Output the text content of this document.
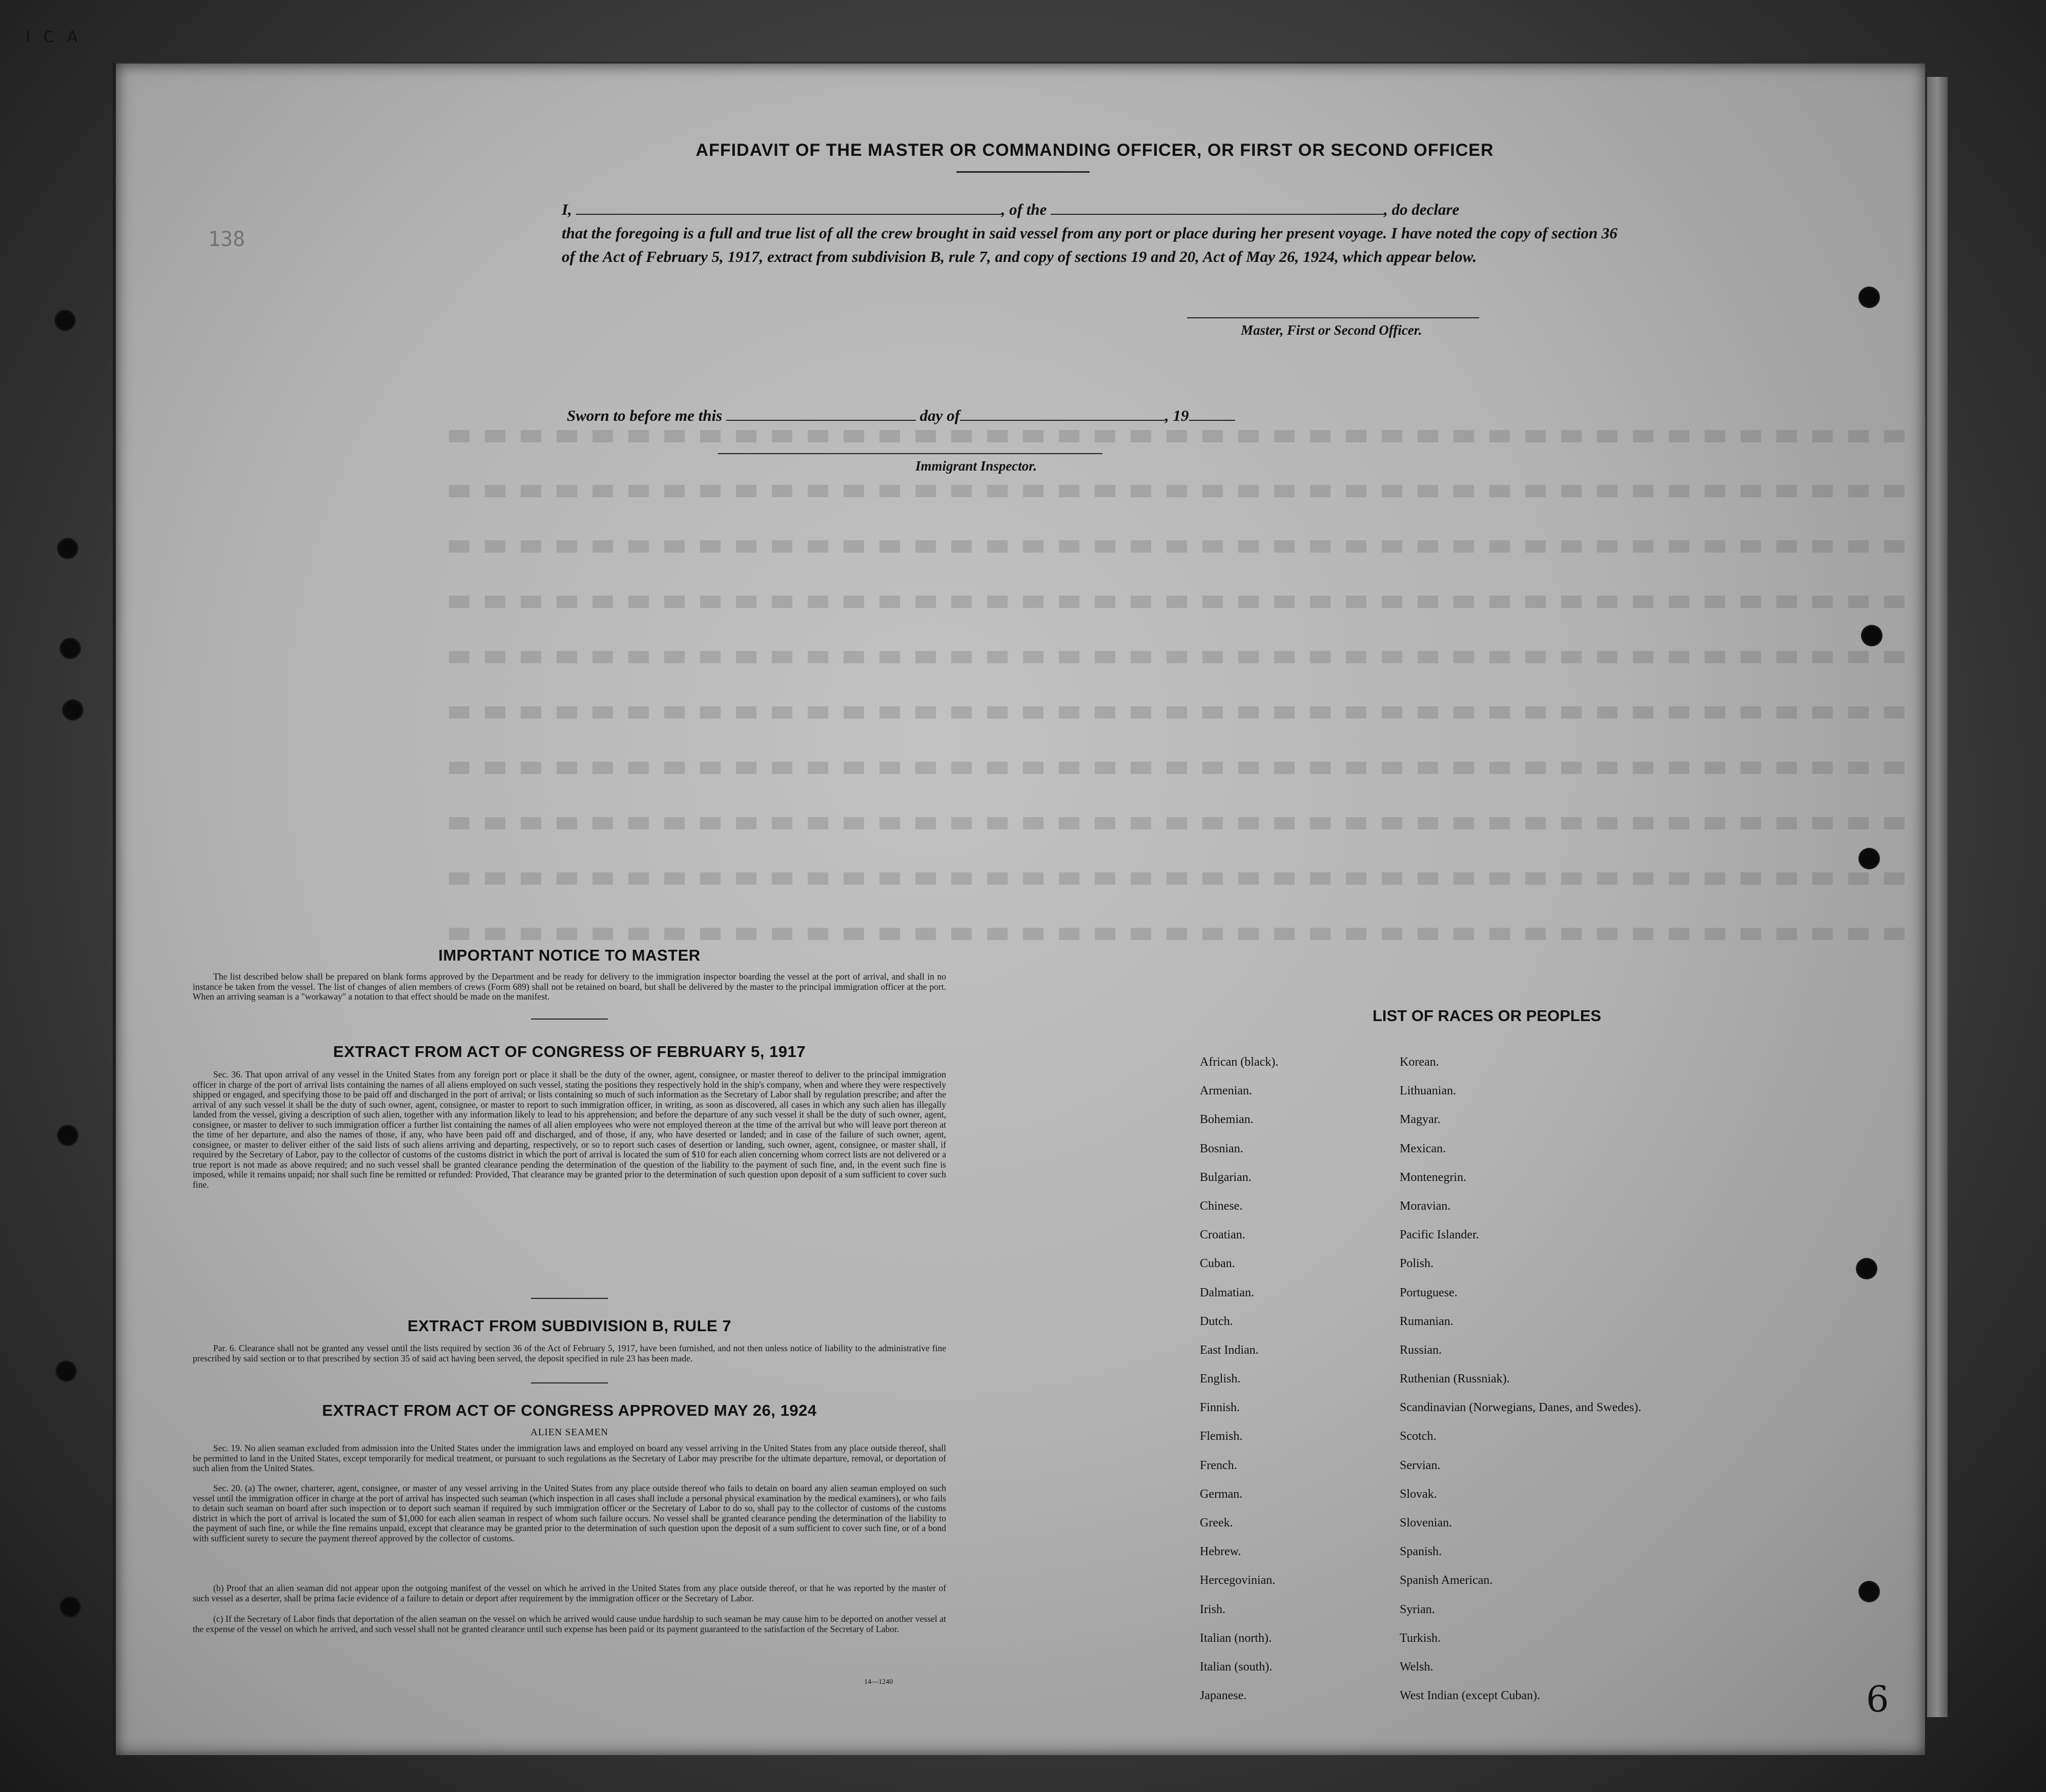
I C A
138
AFFIDAVIT OF THE MASTER OR COMMANDING OFFICER, OR FIRST OR SECOND OFFICER
I,	, of the	, do declare
that the foregoing is a full and true list of all the crew brought in said vessel from any port or place during her present voyage. I have noted the copy of section 36 of the Act of February 5, 1917, extract from subdivision B, rule 7, and copy of sections 19 and 20, Act of May 26, 1924, which appear below.
Master, First or Second Officer.
Sworn to before me this	day of	, 19
Immigrant Inspector.
IMPORTANT NOTICE TO MASTER
The list described below shall be prepared on blank forms approved by the Department and be ready for delivery to the immigration inspector boarding the vessel at the port of arrival, and shall in no instance be taken from the vessel. The list of changes of alien members of crews (Form 689) shall not be retained on board, but shall be delivered by the master to the principal immigration officer at the port. When an arriving seaman is a "workaway" a notation to that effect should be made on the manifest.
EXTRACT FROM ACT OF CONGRESS OF FEBRUARY 5, 1917
Sec. 36. That upon arrival of any vessel in the United States from any foreign port or place it shall be the duty of the owner, agent, consignee, or master thereof to deliver to the principal immigration officer in charge of the port of arrival lists containing the names of all aliens employed on such vessel, stating the positions they respectively hold in the ship's company, when and where they were respectively shipped or engaged, and specifying those to be paid off and discharged in the port of arrival; or lists containing so much of such information as the Secretary of Labor shall by regulation prescribe; and after the arrival of any such vessel it shall be the duty of such owner, agent, consignee, or master to report to such immigration officer, in writing, as soon as discovered, all cases in which any such alien has illegally landed from the vessel, giving a description of such alien, together with any information likely to lead to his apprehension; and before the departure of any such vessel it shall be the duty of such owner, agent, consignee, or master to deliver to such immigration officer a further list containing the names of all alien employees who were not employed thereon at the time of the arrival but who will leave port thereon at the time of her departure, and also the names of those, if any, who have been paid off and discharged, and of those, if any, who have deserted or landed; and in case of the failure of such owner, agent, consignee, or master to deliver either of the said lists of such aliens arriving and departing, respectively, or so to report such cases of desertion or landing, such owner, agent, consignee, or master shall, if required by the Secretary of Labor, pay to the collector of customs of the customs district in which the port of arrival is located the sum of $10 for each alien concerning whom correct lists are not delivered or a true report is not made as above required; and no such vessel shall be granted clearance pending the determination of the question of the liability to the payment of such fine, and, in the event such fine is imposed, while it remains unpaid; nor shall such fine be remitted or refunded: Provided, That clearance may be granted prior to the determination of such question upon deposit of a sum sufficient to cover such fine.
EXTRACT FROM SUBDIVISION B, RULE 7
Par. 6. Clearance shall not be granted any vessel until the lists required by section 36 of the Act of February 5, 1917, have been furnished, and not then unless notice of liability to the administrative fine prescribed by said section or to that prescribed by section 35 of said act having been served, the deposit specified in rule 23 has been made.
EXTRACT FROM ACT OF CONGRESS APPROVED MAY 26, 1924
ALIEN SEAMEN
Sec. 19. No alien seaman excluded from admission into the United States under the immigration laws and employed on board any vessel arriving in the United States from any place outside thereof, shall be permitted to land in the United States, except temporarily for medical treatment, or pursuant to such regulations as the Secretary of Labor may prescribe for the ultimate departure, removal, or deportation of such alien from the United States.
Sec. 20. (a) The owner, charterer, agent, consignee, or master of any vessel arriving in the United States from any place outside thereof who fails to detain on board any alien seaman employed on such vessel until the immigration officer in charge at the port of arrival has inspected such seaman (which inspection in all cases shall include a personal physical examination by the medical examiners), or who fails to detain such seaman on board after such inspection or to deport such seaman if required by such immigration officer or the Secretary of Labor to do so, shall pay to the collector of customs of the customs district in which the port of arrival is located the sum of $1,000 for each alien seaman in respect of whom such failure occurs. No vessel shall be granted clearance pending the determination of the liability to the payment of such fine, or while the fine remains unpaid, except that clearance may be granted prior to the determination of such question upon the deposit of a sum sufficient to cover such fine, or of a bond with sufficient surety to secure the payment thereof approved by the collector of customs.
(b) Proof that an alien seaman did not appear upon the outgoing manifest of the vessel on which he arrived in the United States from any place outside thereof, or that he was reported by the master of such vessel as a deserter, shall be prima facie evidence of a failure to detain or deport after requirement by the immigration officer or the Secretary of Labor.
(c) If the Secretary of Labor finds that deportation of the alien seaman on the vessel on which he arrived would cause undue hardship to such seaman he may cause him to be deported on another vessel at the expense of the vessel on which he arrived, and such vessel shall not be granted clearance until such expense has been paid or its payment guaranteed to the satisfaction of the Secretary of Labor.
14—1240
LIST OF RACES OR PEOPLES
African (black).
Armenian.
Bohemian.
Bosnian.
Bulgarian.
Chinese.
Croatian.
Cuban.
Dalmatian.
Dutch.
East Indian.
English.
Finnish.
Flemish.
French.
German.
Greek.
Hebrew.
Hercegovinian.
Irish.
Italian (north).
Italian (south).
Japanese.
Korean.
Lithuanian.
Magyar.
Mexican.
Montenegrin.
Moravian.
Pacific Islander.
Polish.
Portuguese.
Rumanian.
Russian.
Ruthenian (Russniak).
Scandinavian (Norwegians, Danes, and Swedes).
Scotch.
Servian.
Slovak.
Slovenian.
Spanish.
Spanish American.
Syrian.
Turkish.
Welsh.
West Indian (except Cuban).	6
